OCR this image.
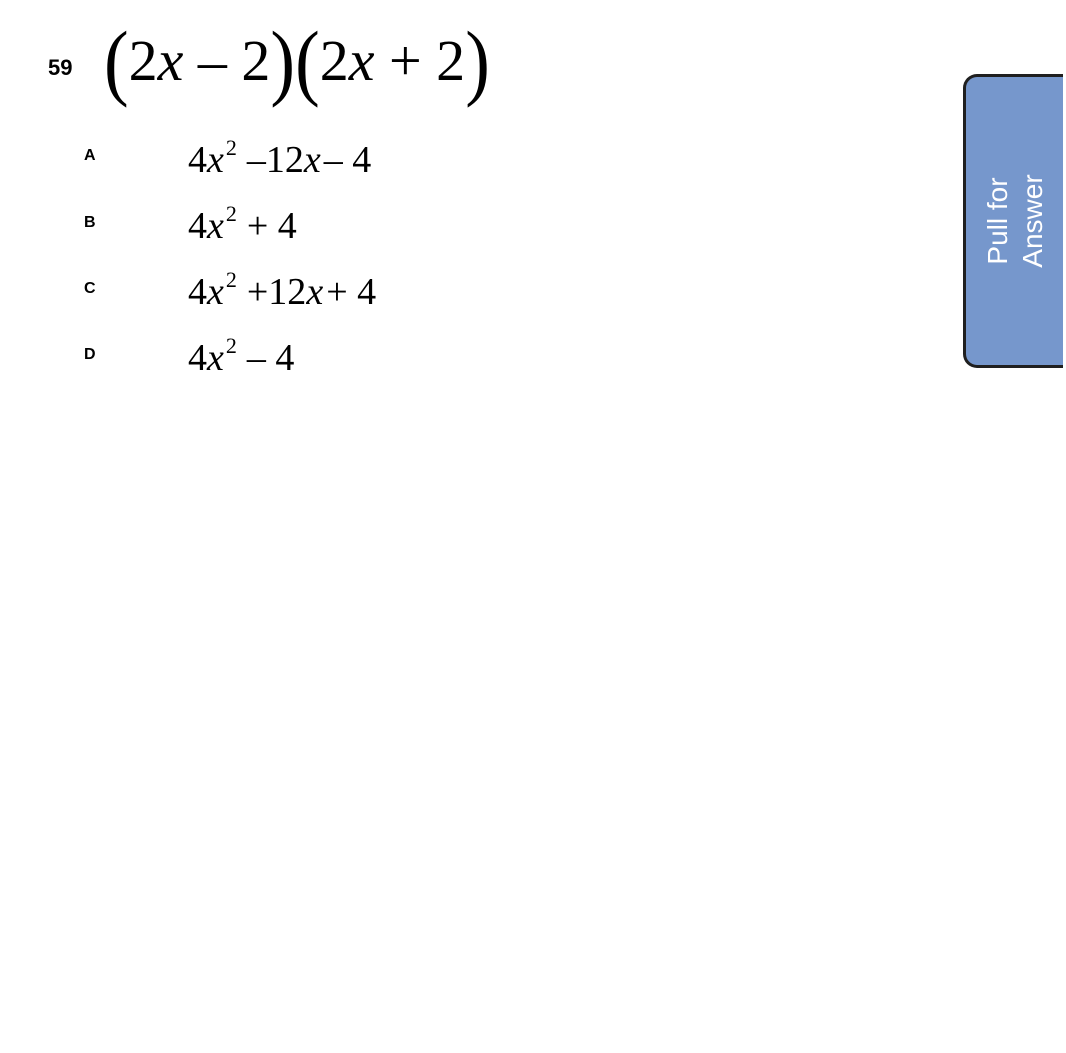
59 (2x – 2)(2x + 2)
A $4x^2$ –12x– 4
B $4x^2 + 4$
C $4x^2 +12x+ 4$
D $4x^2 - 4$
Pull for Answer
